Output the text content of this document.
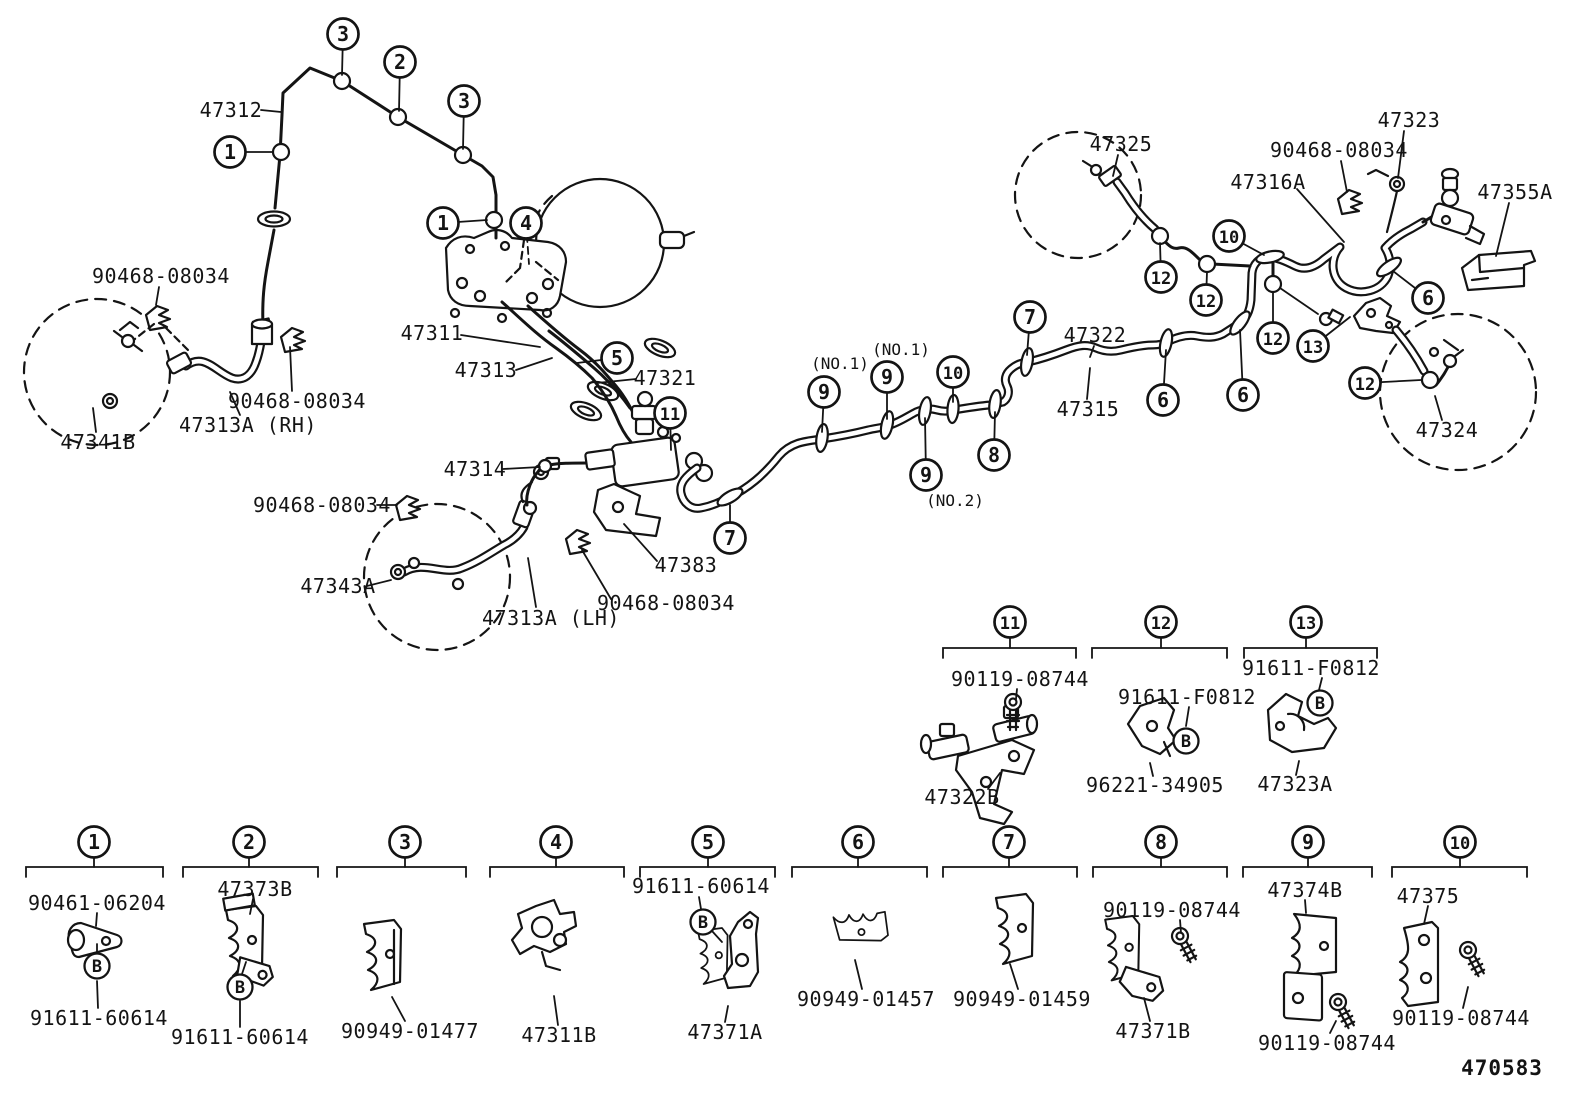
470583
47312
90468-08034
47341B
90468-08034
47313A (RH)
47311
47313	47321
47314
90468-08034
47343A
47313A (LH)
90468-08034
47383
(NO.1)
(NO.1)
(NO.2)
47322
47315
47325
47316A
90468-08034
47323
47355A
47324
3
2
3
1
1	4
5
11
7
9
9	10
9
8
7
6	6
12
12
12
10
13
6
12
11
90119-08744
47322B
12
91611-F0812
96221-34905
B
13
91611-F0812
47323A
B
1
90461-06204
91611-60614
B
2
47373B
91611-60614
B
3
90949-01477
4
47311B
5
91611-60614
47371A
B
6
90949-01457
7
90949-01459
8
90119-08744
47371B
9
47374B
90119-08744
10
47375
90119-08744
